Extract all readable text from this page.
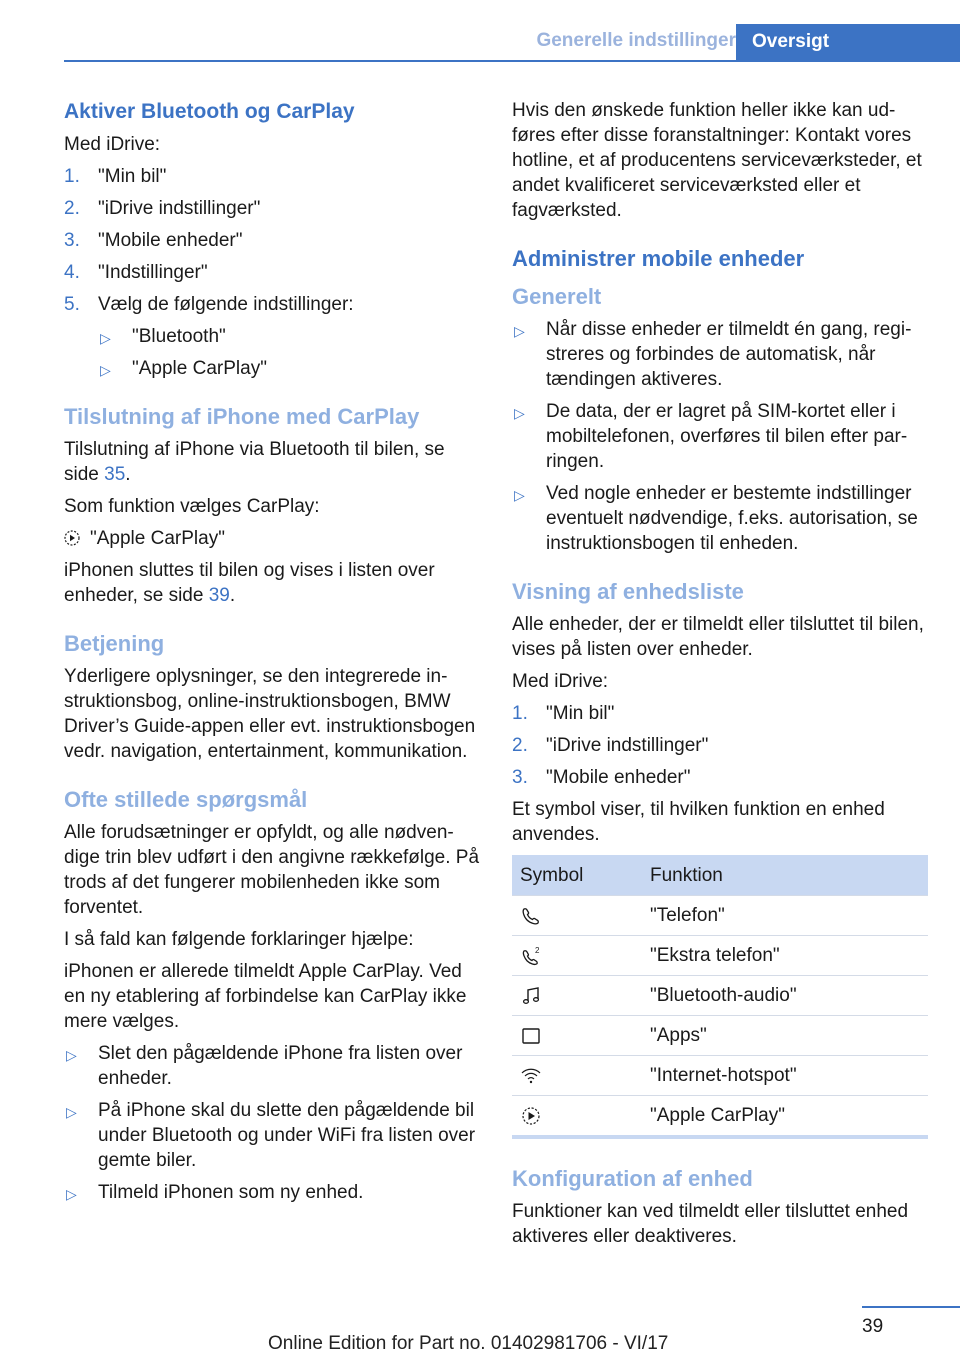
Generelle indstillinger Oversigt
Aktiver Bluetooth og CarPlay
Med iDrive:
1. "Min bil"
2. "iDrive indstillinger"
3. "Mobile enheder"
4. "Indstillinger"
5. Vælg de følgende indstillinger:
▷ "Bluetooth"
▷ "Apple CarPlay"
Tilslutning af iPhone med CarPlay
Tilslutning af iPhone via Bluetooth til bilen, se side 35.
Som funktion vælges CarPlay:
"Apple CarPlay"
iPhonen sluttes til bilen og vises i listen over enheder, se side 39.
Betjening
Yderligere oplysninger, se den integrerede instruktionsbog, online-instruktionsbogen, BMW Driver’s Guide-appen eller evt. instruktionsbogen vedr. navigation, entertainment, kommunikation.
Ofte stillede spørgsmål
Alle forudsætninger er opfyldt, og alle nødvendige trin blev udført i den angivne rækkefølge. På trods af det fungerer mobilenheden ikke som forventet.
I så fald kan følgende forklaringer hjælpe:
iPhonen er allerede tilmeldt Apple CarPlay. Ved en ny etablering af forbindelse kan CarPlay ikke mere vælges.
▷ Slet den pågældende iPhone fra listen over enheder.
▷ På iPhone skal du slette den pågældende bil under Bluetooth og under WiFi fra listen over gemte biler.
▷ Tilmeld iPhonen som ny enhed.
Hvis den ønskede funktion heller ikke kan udføres efter disse foranstaltninger: Kontakt vores hotline, et af producentens serviceværksteder, et andet kvalificeret serviceværksted eller et fagværksted.
Administrer mobile enheder
Generelt
▷ Når disse enheder er tilmeldt én gang, registreres og forbindes de automatisk, når tændingen aktiveres.
▷ De data, der er lagret på SIM-kortet eller i mobiltelefonen, overføres til bilen efter parringen.
▷ Ved nogle enheder er bestemte indstillinger eventuelt nødvendige, f.eks. autorisation, se instruktionsbogen til enheden.
Visning af enhedsliste
Alle enheder, der er tilmeldt eller tilsluttet til bilen, vises på listen over enheder.
Med iDrive:
1. "Min bil"
2. "iDrive indstillinger"
3. "Mobile enheder"
Et symbol viser, til hvilken funktion en enhed anvendes.
Symbol	Funktion
"Telefon"
2	"Ekstra telefon"
"Bluetooth-audio"
"Apps"
"Internet-hotspot"
"Apple CarPlay"
Konfiguration af enhed
Funktioner kan ved tilmeldt eller tilsluttet enhed aktiveres eller deaktiveres.
39
Online Edition for Part no. 01402981706 - VI/17
